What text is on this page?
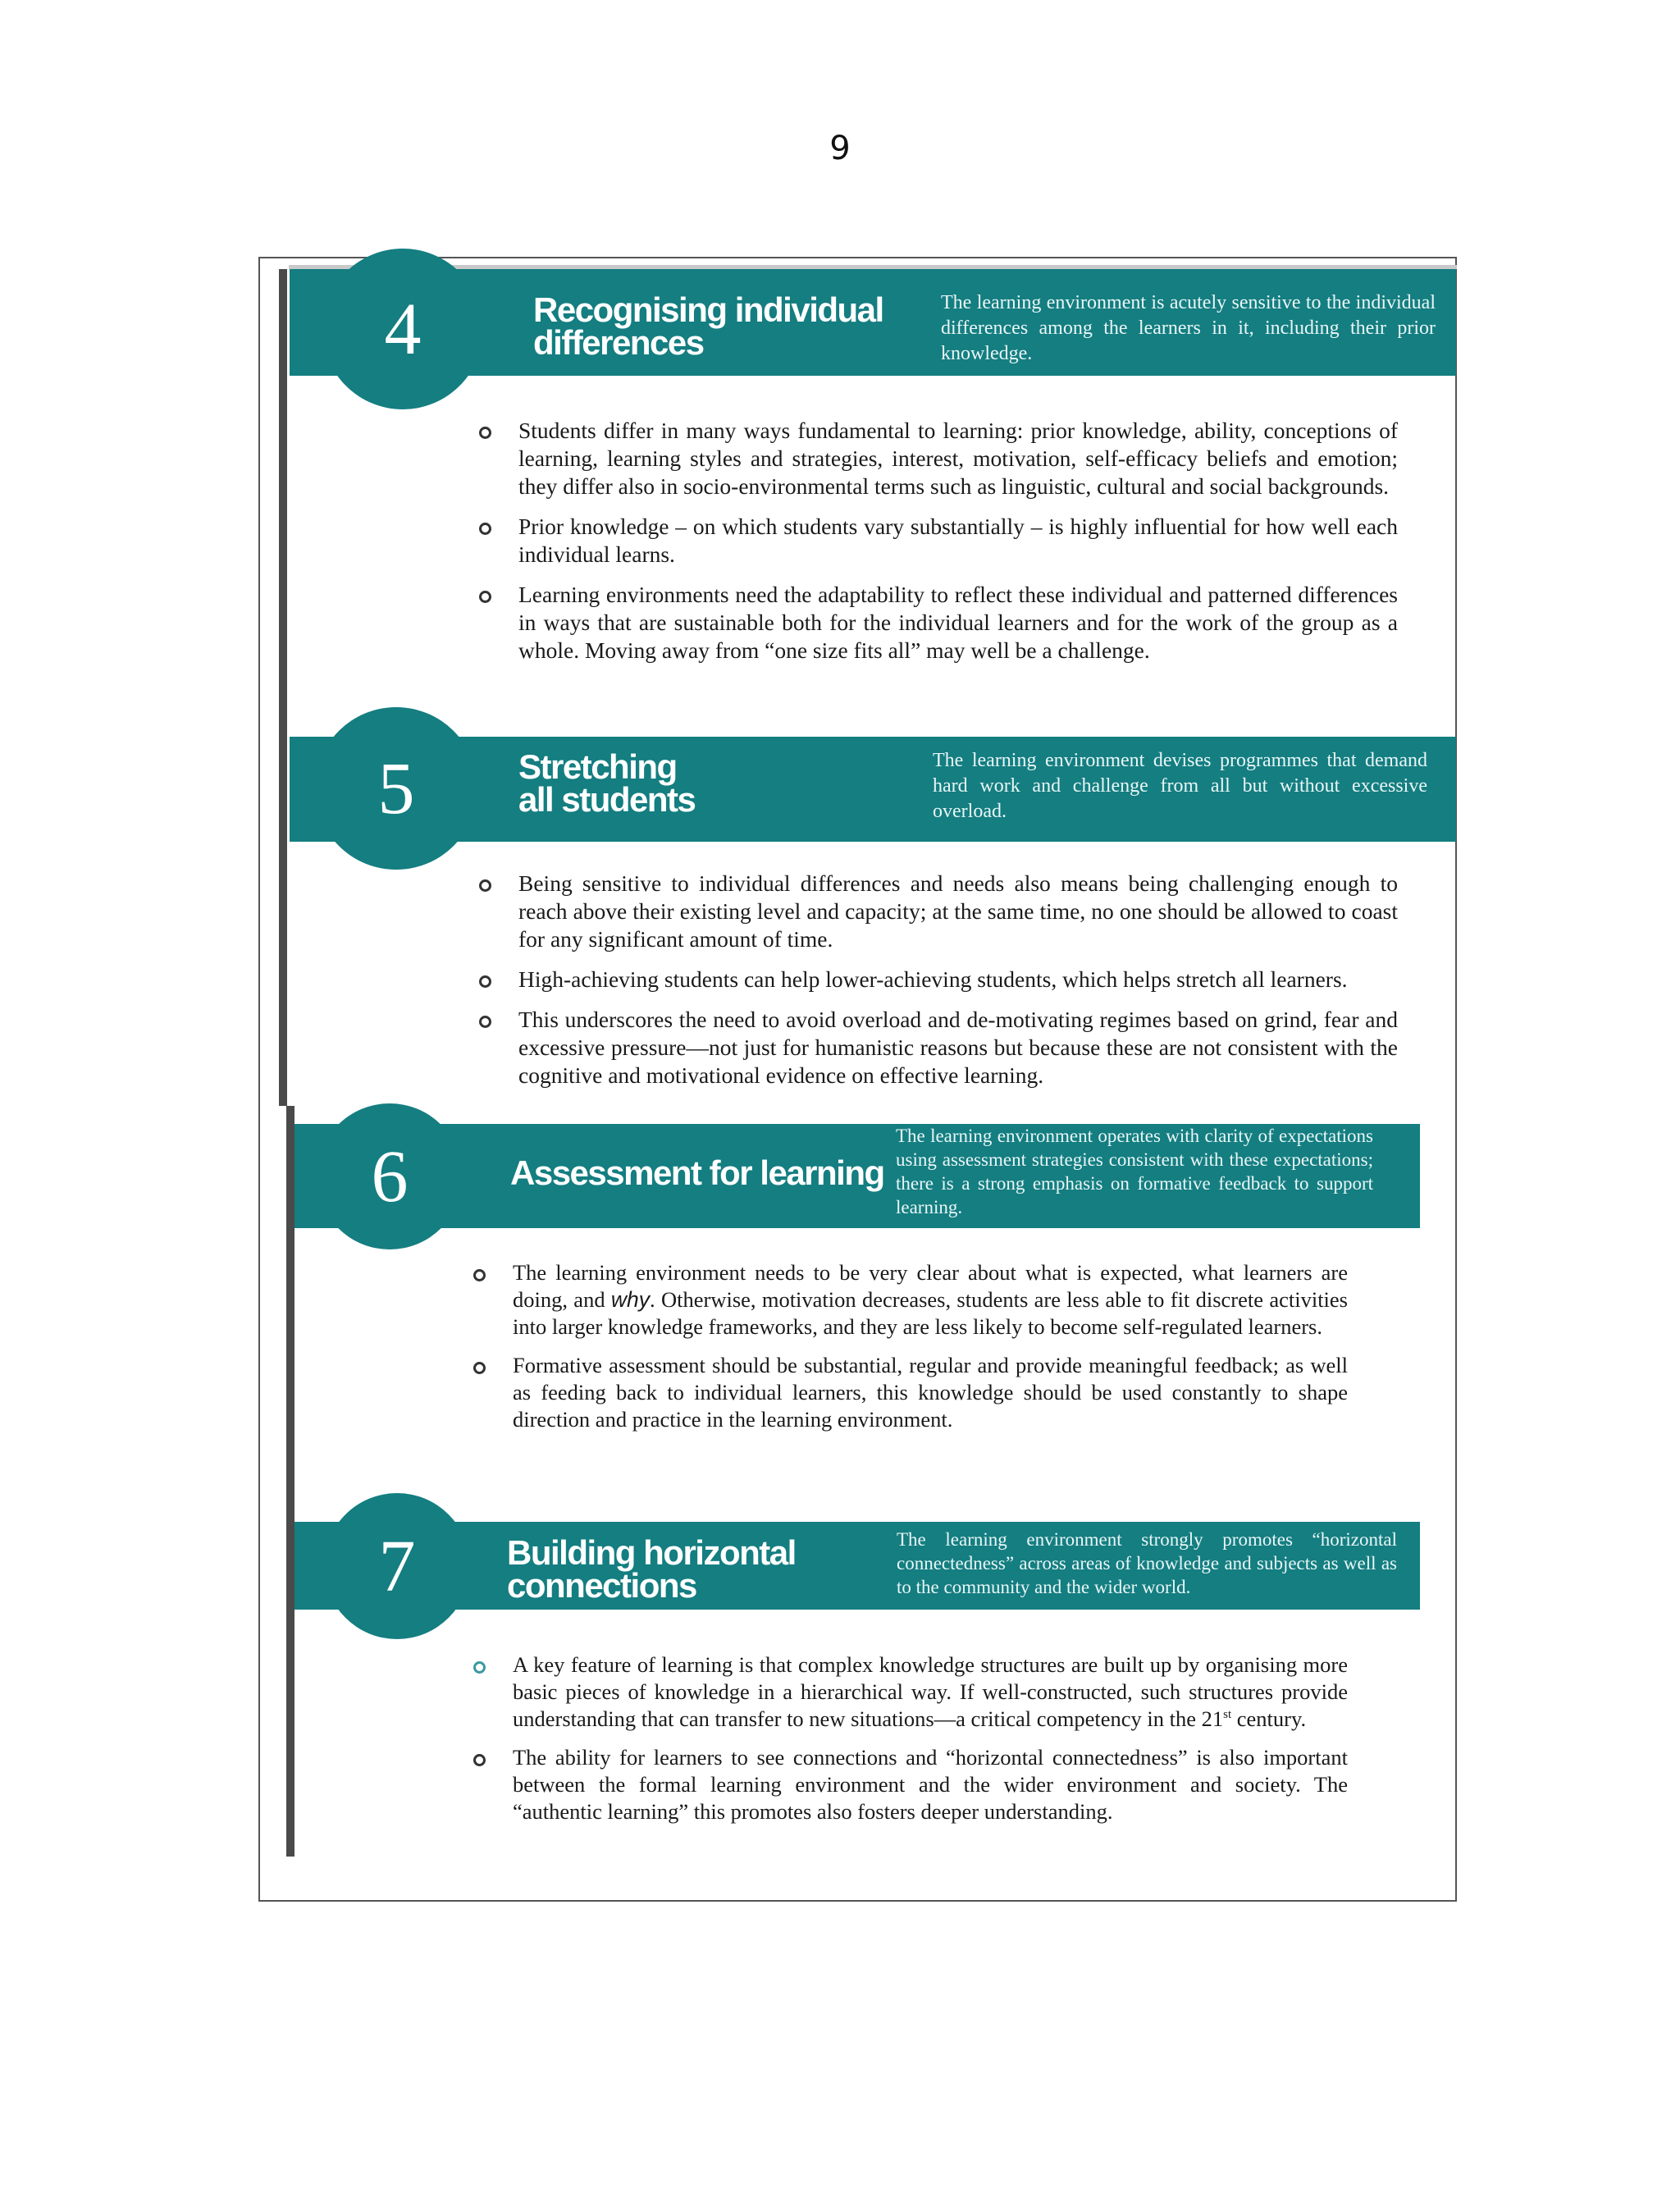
9
4	Recognising individual differences
The learning environment is acutely sensitive to the individual differences among the learners in it, including their prior knowledge.
Students differ in many ways fundamental to learning: prior knowledge, ability, conceptions of learning, learning styles and strategies, interest, motivation, self-efficacy beliefs and emotion; they differ also in socio-environmental terms such as linguistic, cultural and social backgrounds.
Prior knowledge – on which students vary substantially – is highly influential for how well each individual learns.
Learning environments need the adaptability to reflect these individual and patterned differences in ways that are sustainable both for the individual learners and for the work of the group as a whole. Moving away from “one size fits all” may well be a challenge.
5	Stretching all students
The learning environment devises programmes that demand hard work and challenge from all but without excessive overload.
Being sensitive to individual differences and needs also means being challenging enough to reach above their existing level and capacity; at the same time, no one should be allowed to coast for any significant amount of time.
High-achieving students can help lower-achieving students, which helps stretch all learners.
This underscores the need to avoid overload and de-motivating regimes based on grind, fear and excessive pressure—not just for humanistic reasons but because these are not consistent with the cognitive and motivational evidence on effective learning.
6	Assessment for learning
The learning environment operates with clarity of expectations using assessment strategies consistent with these expectations; there is a strong emphasis on formative feedback to support learning.
The learning environment needs to be very clear about what is expected, what learners are doing, and why. Otherwise, motivation decreases, students are less able to fit discrete activities into larger knowledge frameworks, and they are less likely to become self-regulated learners.
Formative assessment should be substantial, regular and provide meaningful feedback; as well as feeding back to individual learners, this knowledge should be used constantly to shape direction and practice in the learning environment.
7	Building horizontal connections
The learning environment strongly promotes “horizontal connectedness” across areas of knowledge and subjects as well as to the community and the wider world.
A key feature of learning is that complex knowledge structures are built up by organising more basic pieces of knowledge in a hierarchical way. If well-constructed, such structures provide understanding that can transfer to new situations—a critical competency in the 21st century.
The ability for learners to see connections and “horizontal connectedness” is also important between the formal learning environment and the wider environment and society. The “authentic learning” this promotes also fosters deeper understanding.
